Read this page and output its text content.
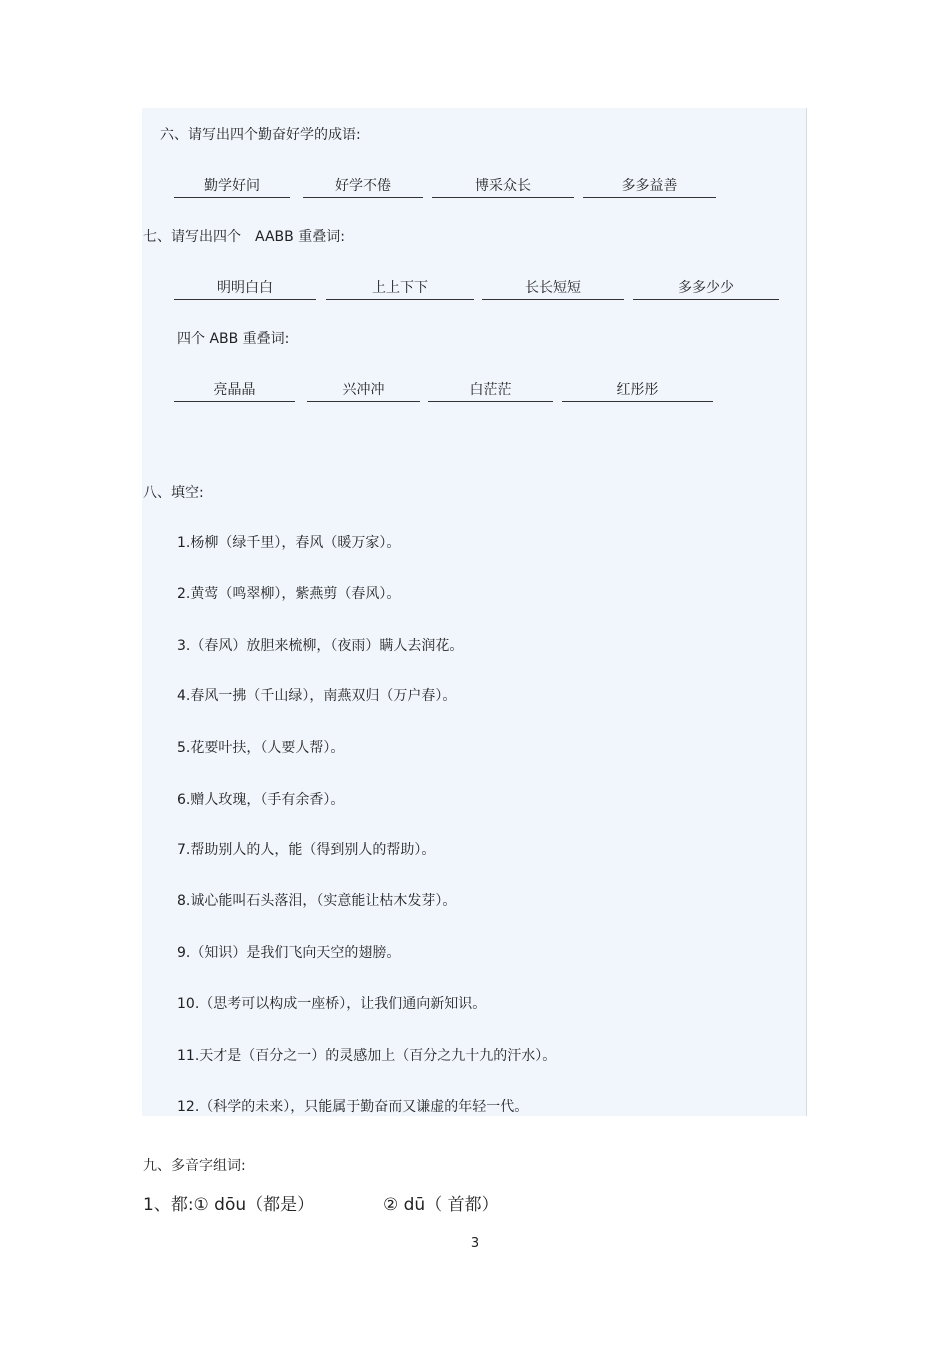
六、请写出四个勤奋好学的成语:
勤学好问	好学不倦	博采众长	多多益善
七、请写出四个　AABB 重叠词:
明明白白	上上下下	长长短短	多多少少
四个 ABB 重叠词:
亮晶晶	兴冲冲	白茫茫	红彤彤
八、填空:
1.杨柳（绿千里），春风（暖万家）。
2.黄莺（鸣翠柳），紫燕剪（春风）。
3.（春风）放胆来梳柳，（夜雨）瞒人去润花。
4.春风一拂（千山绿），南燕双归（万户春）。
5.花要叶扶，（人要人帮）。
6.赠人玫瑰，（手有余香）。
7.帮助别人的人，能（得到别人的帮助）。
8.诚心能叫石头落泪，（实意能让枯木发芽）。
9.（知识）是我们飞向天空的翅膀。
10.（思考可以构成一座桥），让我们通向新知识。
11.天才是（百分之一）的灵感加上（百分之九十九的汗水）。
12.（科学的未来），只能属于勤奋而又谦虚的年轻一代。
九、多音字组词:
1、都:① dōu（都是）	② dū（ 首都）
3
